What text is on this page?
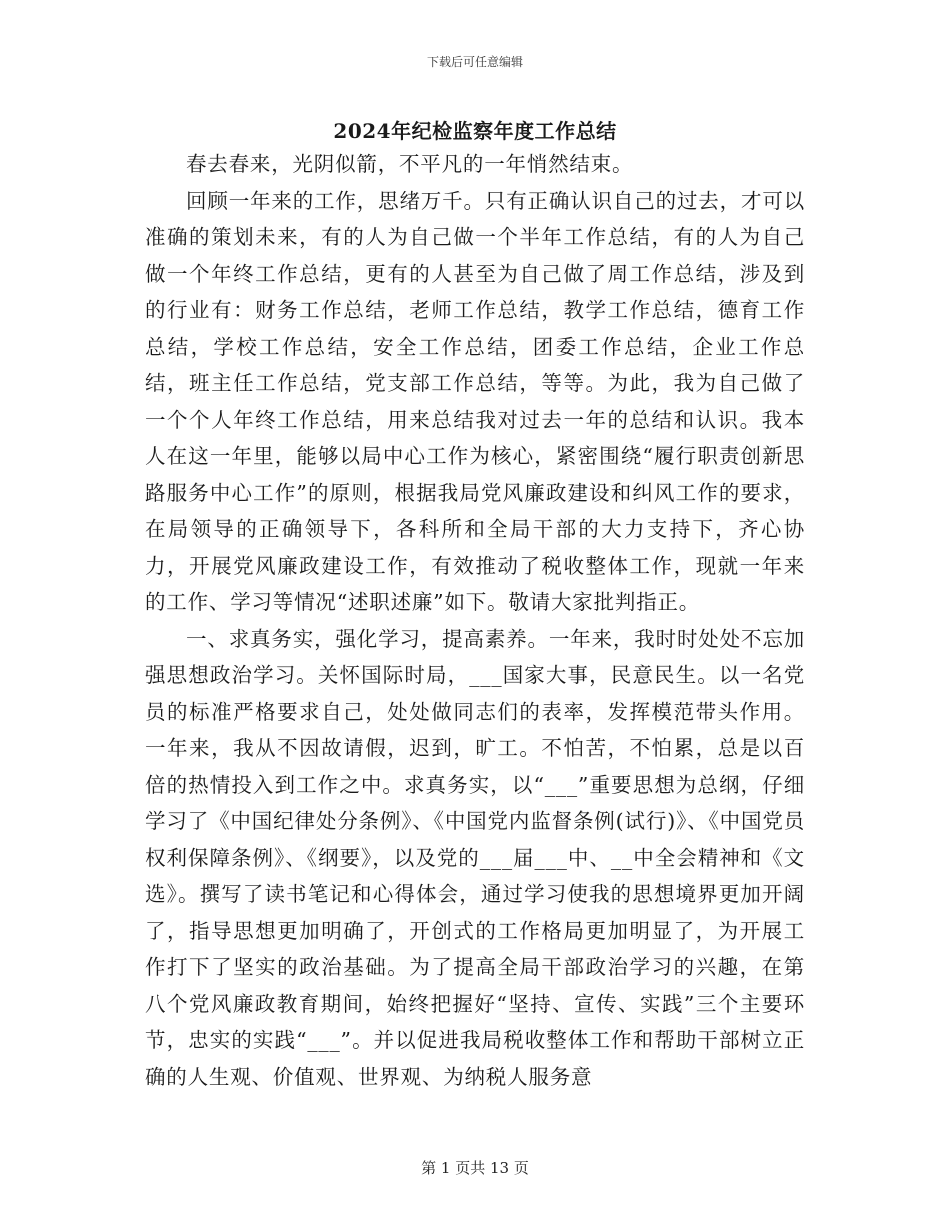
下载后可任意编辑
2024年纪检监察年度工作总结

春去春来，光阴似箭，不平凡的一年悄然结束。

回顾一年来的工作，思绪万千。只有正确认识自己的过去，才可以准确的策划未来，有的人为自己做一个半年工作总结，有的人为自己做一个年终工作总结，更有的人甚至为自己做了周工作总结，涉及到的行业有：财务工作总结，老师工作总结，教学工作总结，德育工作总结，学校工作总结，安全工作总结，团委工作总结，企业工作总结，班主任工作总结，党支部工作总结，等等。为此，我为自己做了一个个人年终工作总结，用来总结我对过去一年的总结和认识。我本人在这一年里，能够以局中心工作为核心，紧密围绕“履行职责创新思路服务中心工作”的原则，根据我局党风廉政建设和纠风工作的要求，在局领导的正确领导下，各科所和全局干部的大力支持下，齐心协力，开展党风廉政建设工作，有效推动了税收整体工作，现就一年来的工作、学习等情况“述职述廉”如下。敬请大家批判指正。

一、求真务实，强化学习，提高素养。一年来，我时时处处不忘加强思想政治学习。关怀国际时局，___国家大事，民意民生。以一名党员的标准严格要求自己，处处做同志们的表率，发挥模范带头作用。一年来，我从不因故请假，迟到，旷工。不怕苦，不怕累，总是以百倍的热情投入到工作之中。求真务实，以“___”重要思想为总纲，仔细学习了《中国纪律处分条例》、《中国党内监督条例(试行)》、《中国党员权利保障条例》、《纲要》，以及党的___届___中、__中全会精神和《文选》。撰写了读书笔记和心得体会，通过学习使我的思想境界更加开阔了，指导思想更加明确了，开创式的工作格局更加明显了，为开展工作打下了坚实的政治基础。为了提高全局干部政治学习的兴趣，在第八个党风廉政教育期间，始终把握好“坚持、宣传、实践”三个主要环节，忠实的实践“___”。并以促进我局税收整体工作和帮助干部树立正确的人生观、价值观、世界观、为纳税人服务意

第 1 页共 13 页
